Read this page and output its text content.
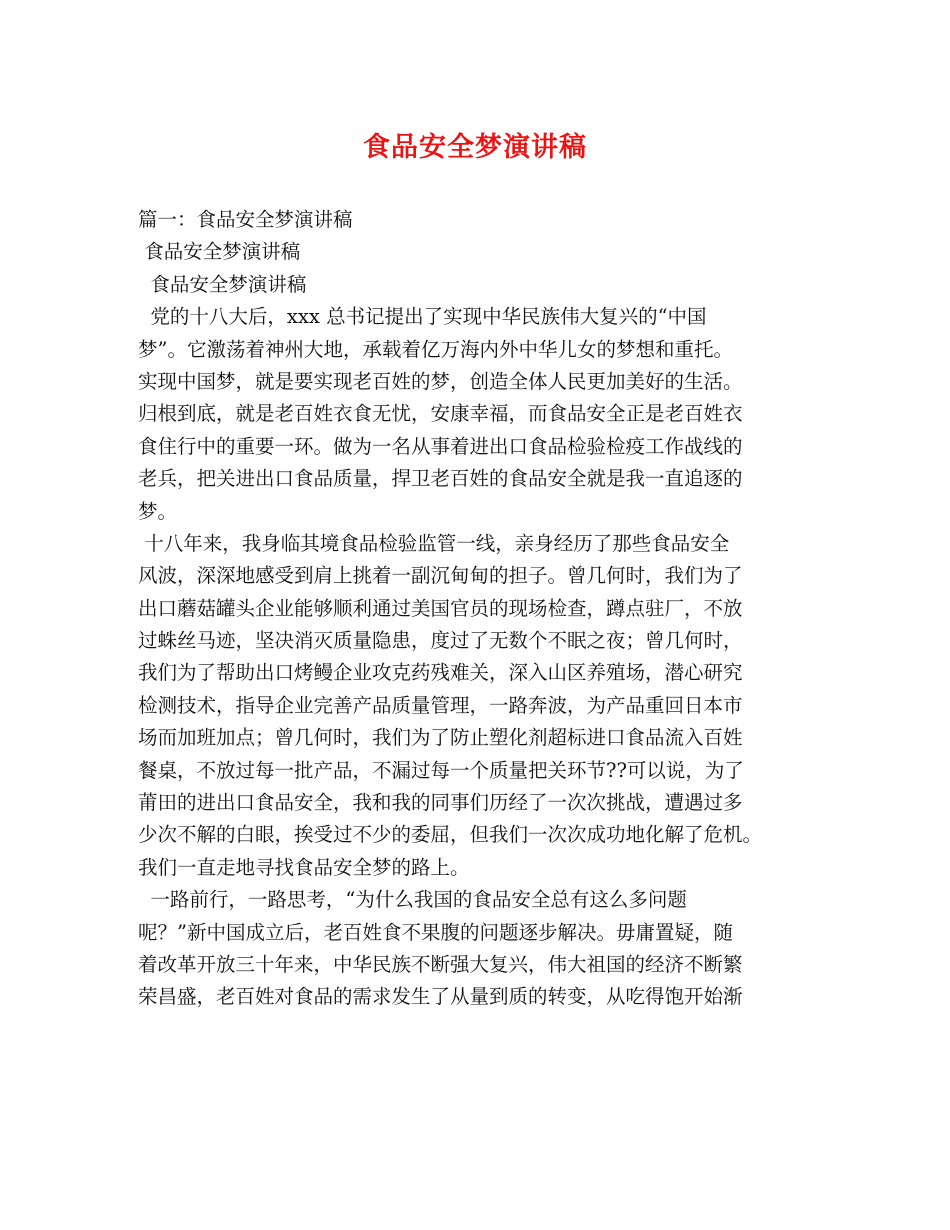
食品安全梦演讲稿
篇一：食品安全梦演讲稿
食品安全梦演讲稿
食品安全梦演讲稿
党的十八大后，xxx 总书记提出了实现中华民族伟大复兴的“中国
梦”。它激荡着神州大地，承载着亿万海内外中华儿女的梦想和重托。
实现中国梦，就是要实现老百姓的梦，创造全体人民更加美好的生活。
归根到底，就是老百姓衣食无忧，安康幸福，而食品安全正是老百姓衣
食住行中的重要一环。做为一名从事着进出口食品检验检疫工作战线的
老兵，把关进出口食品质量，捍卫老百姓的食品安全就是我一直追逐的
梦。
十八年来，我身临其境食品检验监管一线，亲身经历了那些食品安全
风波，深深地感受到肩上挑着一副沉甸甸的担子。曾几何时，我们为了
出口蘑菇罐头企业能够顺利通过美国官员的现场检查，蹲点驻厂，不放
过蛛丝马迹，坚决消灭质量隐患，度过了无数个不眠之夜；曾几何时，
我们为了帮助出口烤鳗企业攻克药残难关，深入山区养殖场，潜心研究
检测技术，指导企业完善产品质量管理，一路奔波，为产品重回日本市
场而加班加点；曾几何时，我们为了防止塑化剂超标进口食品流入百姓
餐桌，不放过每一批产品，不漏过每一个质量把关环节??可以说，为了
莆田的进出口食品安全，我和我的同事们历经了一次次挑战，遭遇过多
少次不解的白眼，挨受过不少的委屈，但我们一次次成功地化解了危机。
我们一直走地寻找食品安全梦的路上。
一路前行，一路思考，“为什么我国的食品安全总有这么多问题
呢？”新中国成立后，老百姓食不果腹的问题逐步解决。毋庸置疑，随
着改革开放三十年来，中华民族不断强大复兴，伟大祖国的经济不断繁
荣昌盛，老百姓对食品的需求发生了从量到质的转变，从吃得饱开始渐
